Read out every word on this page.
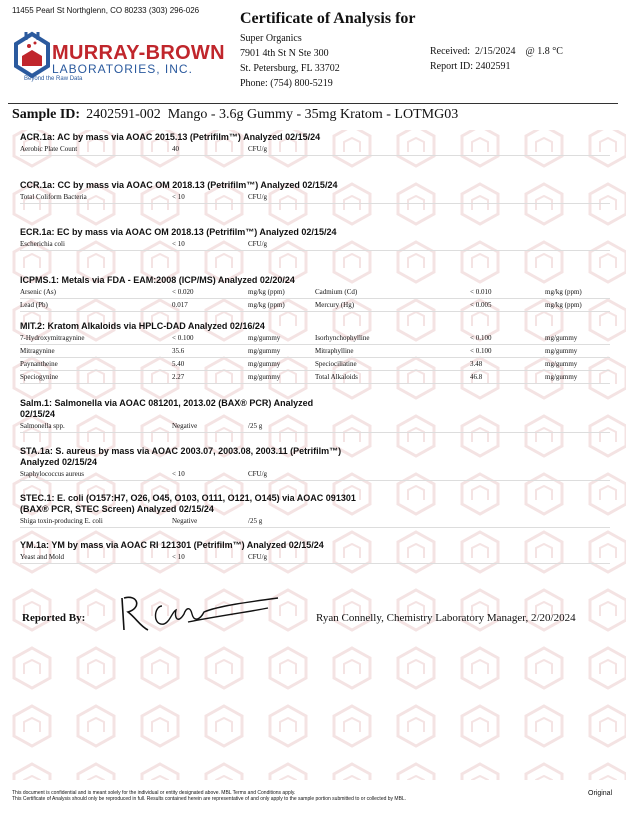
11455 Pearl St Northglenn, CO 80233 (303) 296-026
MURRAY-BROWN
LABORATORIES, INC.
Beyond the Raw Data
Certificate of Analysis for
Super Organics
7901 4th St N Ste 300
St. Petersburg, FL 33702
Phone: (754) 800-5219
Received:  2/15/2024    @ 1.8 °C
Report ID: 2402591
Sample ID: 2402591-002  Mango - 3.6g Gummy - 35mg Kratom - LOTMG03
ACR.1a: AC by mass via AOAC 2015.13 (Petrifilm™) Analyzed 02/15/24
Aerobic Plate Count	40	CFU/g
CCR.1a: CC by mass via AOAC OM 2018.13 (Petrifilm™) Analyzed 02/15/24
Total Coliform Bacteria	< 10	CFU/g
ECR.1a: EC by mass via AOAC OM 2018.13 (Petrifilm™) Analyzed 02/15/24
Escherichia coli	< 10	CFU/g
ICPMS.1: Metals via FDA - EAM:2008 (ICP/MS) Analyzed 02/20/24
Arsenic (As)	< 0.020	mg/kg (ppm)	Cadmium (Cd)	< 0.010	mg/kg (ppm)
Lead (Pb)	0.017	mg/kg (ppm)	Mercury (Hg)	< 0.005	mg/kg (ppm)
MIT.2: Kratom Alkaloids via HPLC-DAD Analyzed 02/16/24
7-Hydroxymitragynine	< 0.100	mg/gummy	Isorhynchophylline	< 0.100	mg/gummy
Mitragynine	35.6	mg/gummy	Mitraphylline	< 0.100	mg/gummy
Paynantheine	5.40	mg/gummy	Speciociliatine	3.48	mg/gummy
Speciogynine	2.27	mg/gummy	Total Alkaloids	46.8	mg/gummy
Salm.1: Salmonella via AOAC 081201, 2013.02 (BAX® PCR) Analyzed 02/15/24
Salmonella spp.	Negative	/25 g
STA.1a: S. aureus by mass via AOAC 2003.07, 2003.08, 2003.11 (Petrifilm™) Analyzed 02/15/24
Staphylococcus aureus	< 10	CFU/g
STEC.1: E. coli (O157:H7, O26, O45, O103, O111, O121, O145) via AOAC 091301 (BAX® PCR, STEC Screen) Analyzed 02/15/24
Shiga toxin-producing E. coli	Negative	/25 g
YM.1a: YM by mass via AOAC RI 121301 (Petrifilm™) Analyzed 02/15/24
Yeast and Mold	< 10	CFU/g
Reported By:	Ryan Connelly, Chemistry Laboratory Manager, 2/20/2024
This document is confidential and is meant solely for the individual or entity designated above. MBL Terms and Conditions apply.
This Certificate of Analysis should only be reproduced in full. Results contained herein are representative of and only apply to the sample portion submitted to or collected by MBL.
Original
